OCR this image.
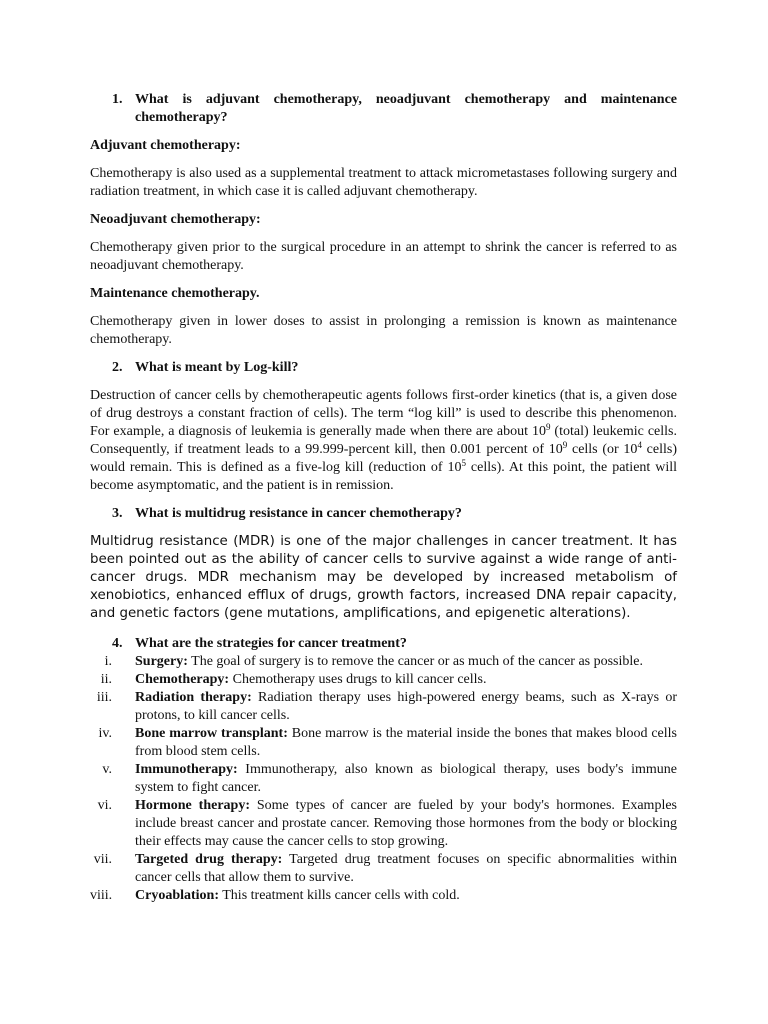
1. What is adjuvant chemotherapy, neoadjuvant chemotherapy and maintenance chemotherapy?
Adjuvant chemotherapy:
Chemotherapy is also used as a supplemental treatment to attack micrometastases following surgery and radiation treatment, in which case it is called adjuvant chemotherapy.
Neoadjuvant chemotherapy:
Chemotherapy given prior to the surgical procedure in an attempt to shrink the cancer is referred to as neoadjuvant chemotherapy.
Maintenance chemotherapy.
Chemotherapy given in lower doses to assist in prolonging a remission is known as maintenance chemotherapy.
2. What is meant by Log-kill?
Destruction of cancer cells by chemotherapeutic agents follows first-order kinetics (that is, a given dose of drug destroys a constant fraction of cells). The term “log kill” is used to describe this phenomenon. For example, a diagnosis of leukemia is generally made when there are about $10^9$ (total) leukemic cells. Consequently, if treatment leads to a 99.999-percent kill, then 0.001 percent of $10^9$ cells (or $10^4$ cells) would remain. This is defined as a five-log kill (reduction of $10^5$ cells). At this point, the patient will become asymptomatic, and the patient is in remission.
3. What is multidrug resistance in cancer chemotherapy?
Multidrug resistance (MDR) is one of the major challenges in cancer treatment. It has been pointed out as the ability of cancer cells to survive against a wide range of anti-cancer drugs. MDR mechanism may be developed by increased metabolism of xenobiotics, enhanced efflux of drugs, growth factors, increased DNA repair capacity, and genetic factors (gene mutations, amplifications, and epigenetic alterations).
4. What are the strategies for cancer treatment?
i. Surgery: The goal of surgery is to remove the cancer or as much of the cancer as possible.
ii. Chemotherapy: Chemotherapy uses drugs to kill cancer cells.
iii. Radiation therapy: Radiation therapy uses high-powered energy beams, such as X-rays or protons, to kill cancer cells.
iv. Bone marrow transplant: Bone marrow is the material inside the bones that makes blood cells from blood stem cells.
v. Immunotherapy: Immunotherapy, also known as biological therapy, uses body's immune system to fight cancer.
vi. Hormone therapy: Some types of cancer are fueled by your body's hormones. Examples include breast cancer and prostate cancer. Removing those hormones from the body or blocking their effects may cause the cancer cells to stop growing.
vii. Targeted drug therapy: Targeted drug treatment focuses on specific abnormalities within cancer cells that allow them to survive.
viii. Cryoablation: This treatment kills cancer cells with cold.
